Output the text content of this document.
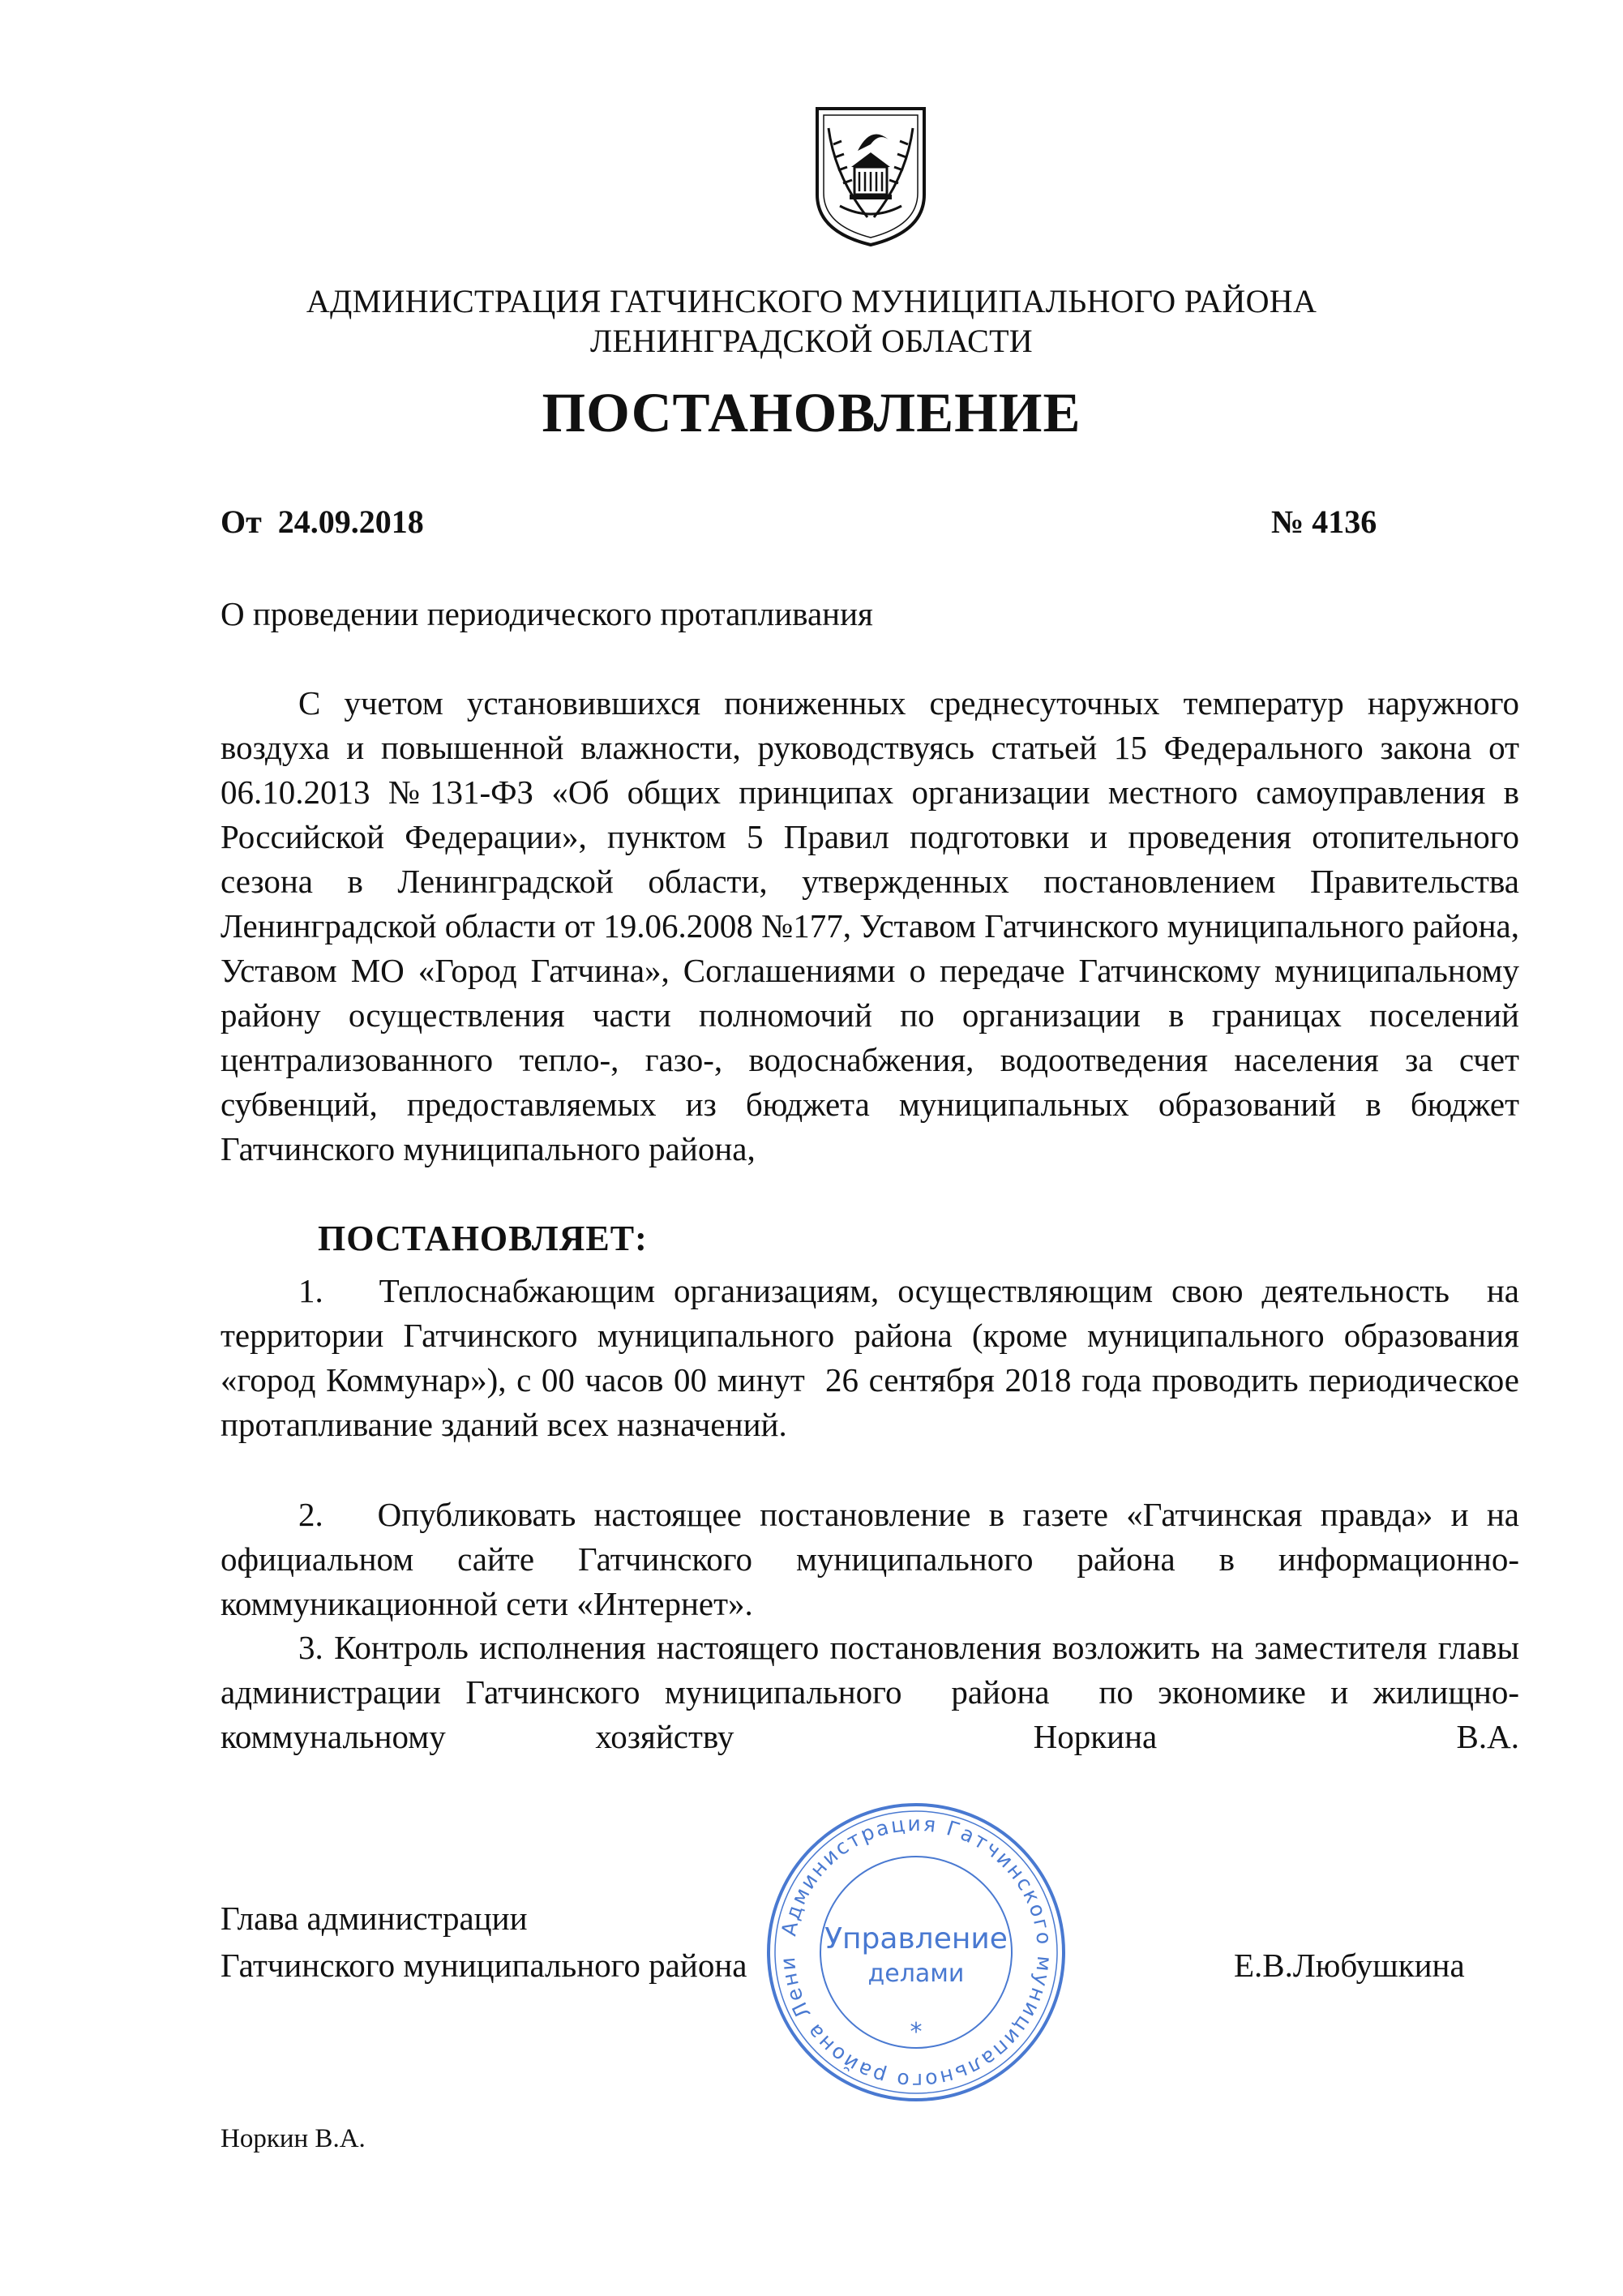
АДМИНИСТРАЦИЯ ГАТЧИНСКОГО МУНИЦИПАЛЬНОГО РАЙОНА
ЛЕНИНГРАДСКОЙ ОБЛАСТИ
ПОСТАНОВЛЕНИЕ
От  24.09.2018	№ 4136
О проведении периодического протапливания
С учетом установившихся пониженных среднесуточных температур наружного воздуха и повышенной влажности, руководствуясь статьей 15 Федерального закона от 06.10.2013 №131-ФЗ «Об общих принципах организации местного самоуправления в Российской Федерации», пунктом 5 Правил подготовки и проведения отопительного сезона в Ленинградской области, утвержденных постановлением Правительства Ленинградской области от 19.06.2008 №177, Уставом Гатчинского муниципального района, Уставом МО «Город Гатчина», Соглашениями о передаче Гатчинскому муниципальному району осуществления части полномочий по организации в границах поселений централизованного тепло-, газо-, водоснабжения, водоотведения населения за счет субвенций, предоставляемых из бюджета муниципальных образований в бюджет Гатчинского муниципального района,
ПОСТАНОВЛЯЕТ:
1.   Теплоснабжающим организациям, осуществляющим свою деятельность  на территории Гатчинского муниципального района (кроме муниципального образования «город Коммунар»), с 00 часов 00 минут  26 сентября 2018 года проводить периодическое протапливание зданий всех назначений.
2.   Опубликовать настоящее постановление в газете «Гатчинская правда» и на официальном сайте Гатчинского муниципального района в информационно-коммуникационной сети «Интернет».
3. Контроль исполнения настоящего постановления возложить на заместителя главы администрации Гатчинского муниципального  района  по экономике и жилищно-коммунальному хозяйству  Норкина  В.А.
Глава администрации
Гатчинского муниципального района	Е.В.Любушкина
Администрация Гатчинского муниципального района Лени
Управление
делами
*
Норкин В.А.
